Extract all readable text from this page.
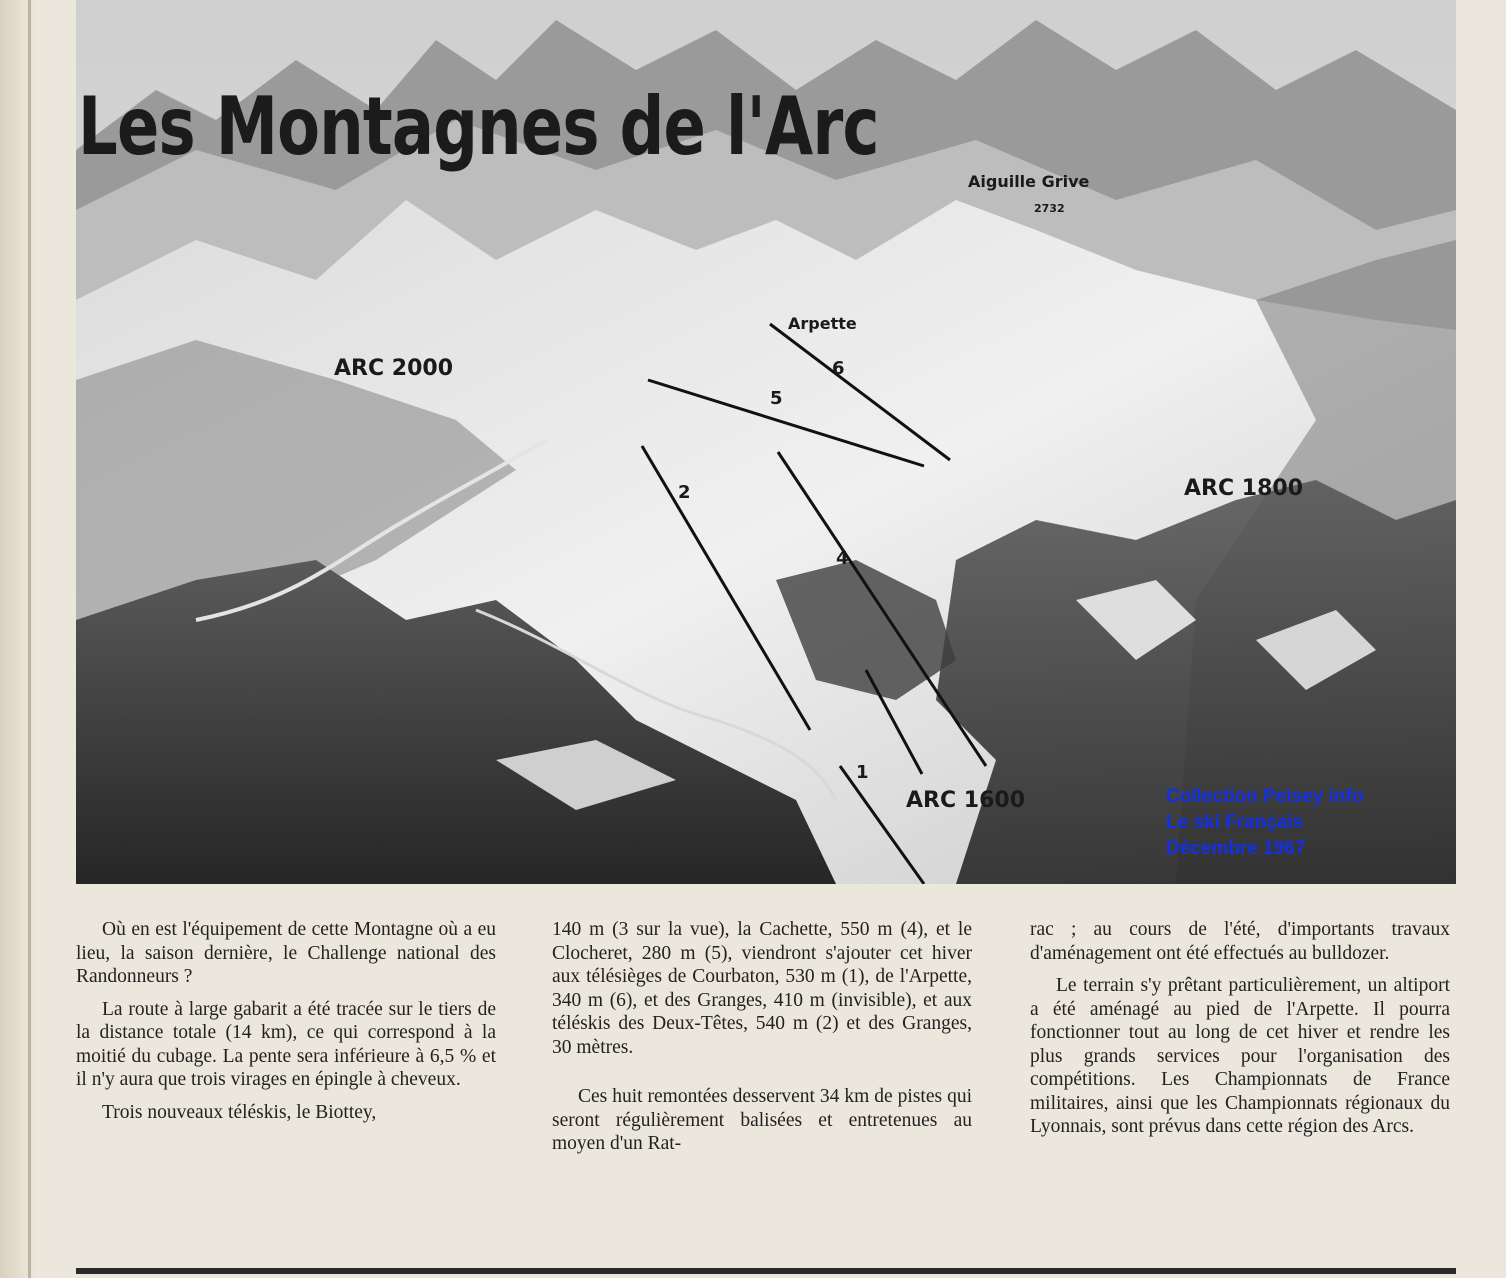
Les Montagnes de l'Arc
Aiguille Grive
2732
Arpette
ARC 2000
ARC 1800
ARC 1600
1
2
4
5
6
Collection Peisey info
Le ski Français
Décembre 1967

Où en est l'équipement de cette Montagne où a eu lieu, la saison dernière, le Challenge national des Randonneurs ?

La route à large gabarit a été tracée sur le tiers de la distance totale (14 km), ce qui correspond à la moitié du cubage. La pente sera inférieure à 6,5 % et il n'y aura que trois virages en épingle à cheveux.

Trois nouveaux téléskis, le Biottey,

140 m (3 sur la vue), la Cachette, 550 m (4), et le Clocheret, 280 m (5), viendront s'ajouter cet hiver aux télésièges de Courbaton, 530 m (1), de l'Arpette, 340 m (6), et des Granges, 410 m (invisible), et aux téléskis des Deux-Têtes, 540 m (2) et des Granges, 30 mètres.

Ces huit remontées desservent 34 km de pistes qui seront régulièrement balisées et entretenues au moyen d'un Rat-

rac ; au cours de l'été, d'importants travaux d'aménagement ont été effectués au bulldozer.

Le terrain s'y prêtant particulièrement, un altiport a été aménagé au pied de l'Arpette. Il pourra fonctionner tout au long de cet hiver et rendre les plus grands services pour l'organisation des compétitions. Les Championnats de France militaires, ainsi que les Championnats régionaux du Lyonnais, sont prévus dans cette région des Arcs.
